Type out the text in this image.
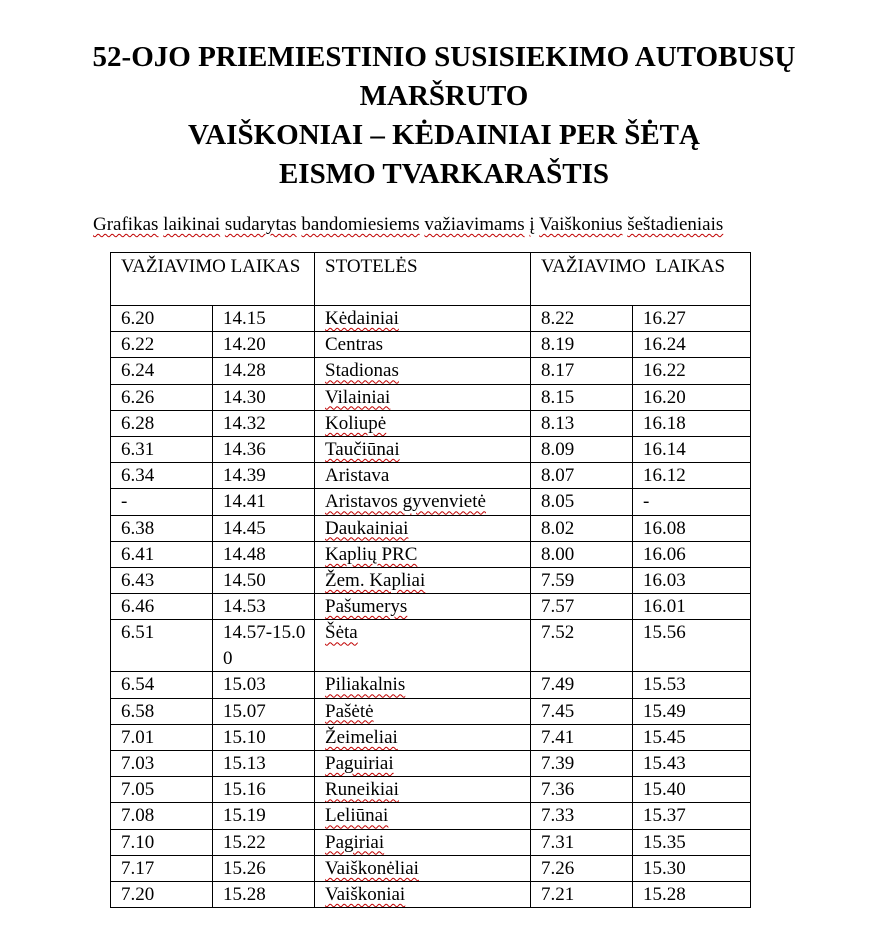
52-OJO PRIEMIESTINIO SUSISIEKIMO AUTOBUSŲ
MARŠRUTO
VAIŠKONIAI – KĖDAINIAI PER ŠĖTĄ
EISMO TVARKARAŠTIS
Grafikas laikinai sudarytas bandomiesiems važiavimams į Vaiškonius šeštadieniais
VAŽIAVIMO LAIKAS		STOTELĖS	VAŽIAVIMO  LAIKAS	
6.20	14.15	Kėdainiai	8.22	16.27
6.22	14.20	Centras	8.19	16.24
6.24	14.28	Stadionas	8.17	16.22
6.26	14.30	Vilainiai	8.15	16.20
6.28	14.32	Koliupė	8.13	16.18
6.31	14.36	Taučiūnai	8.09	16.14
6.34	14.39	Aristava	8.07	16.12
-	14.41	Aristavos gyvenvietė	8.05	-
6.38	14.45	Daukainiai	8.02	16.08
6.41	14.48	Kaplių PRC	8.00	16.06
6.43	14.50	Žem. Kapliai	7.59	16.03
6.46	14.53	Pašumerys	7.57	16.01
6.51	14.57-15.00	Šėta	7.52	15.56
6.54	15.03	Piliakalnis	7.49	15.53
6.58	15.07	Pašėtė	7.45	15.49
7.01	15.10	Žeimeliai	7.41	15.45
7.03	15.13	Paguiriai	7.39	15.43
7.05	15.16	Runeikiai	7.36	15.40
7.08	15.19	Leliūnai	7.33	15.37
7.10	15.22	Pagiriai	7.31	15.35
7.17	15.26	Vaiškonėliai	7.26	15.30
7.20	15.28	Vaiškoniai	7.21	15.28
